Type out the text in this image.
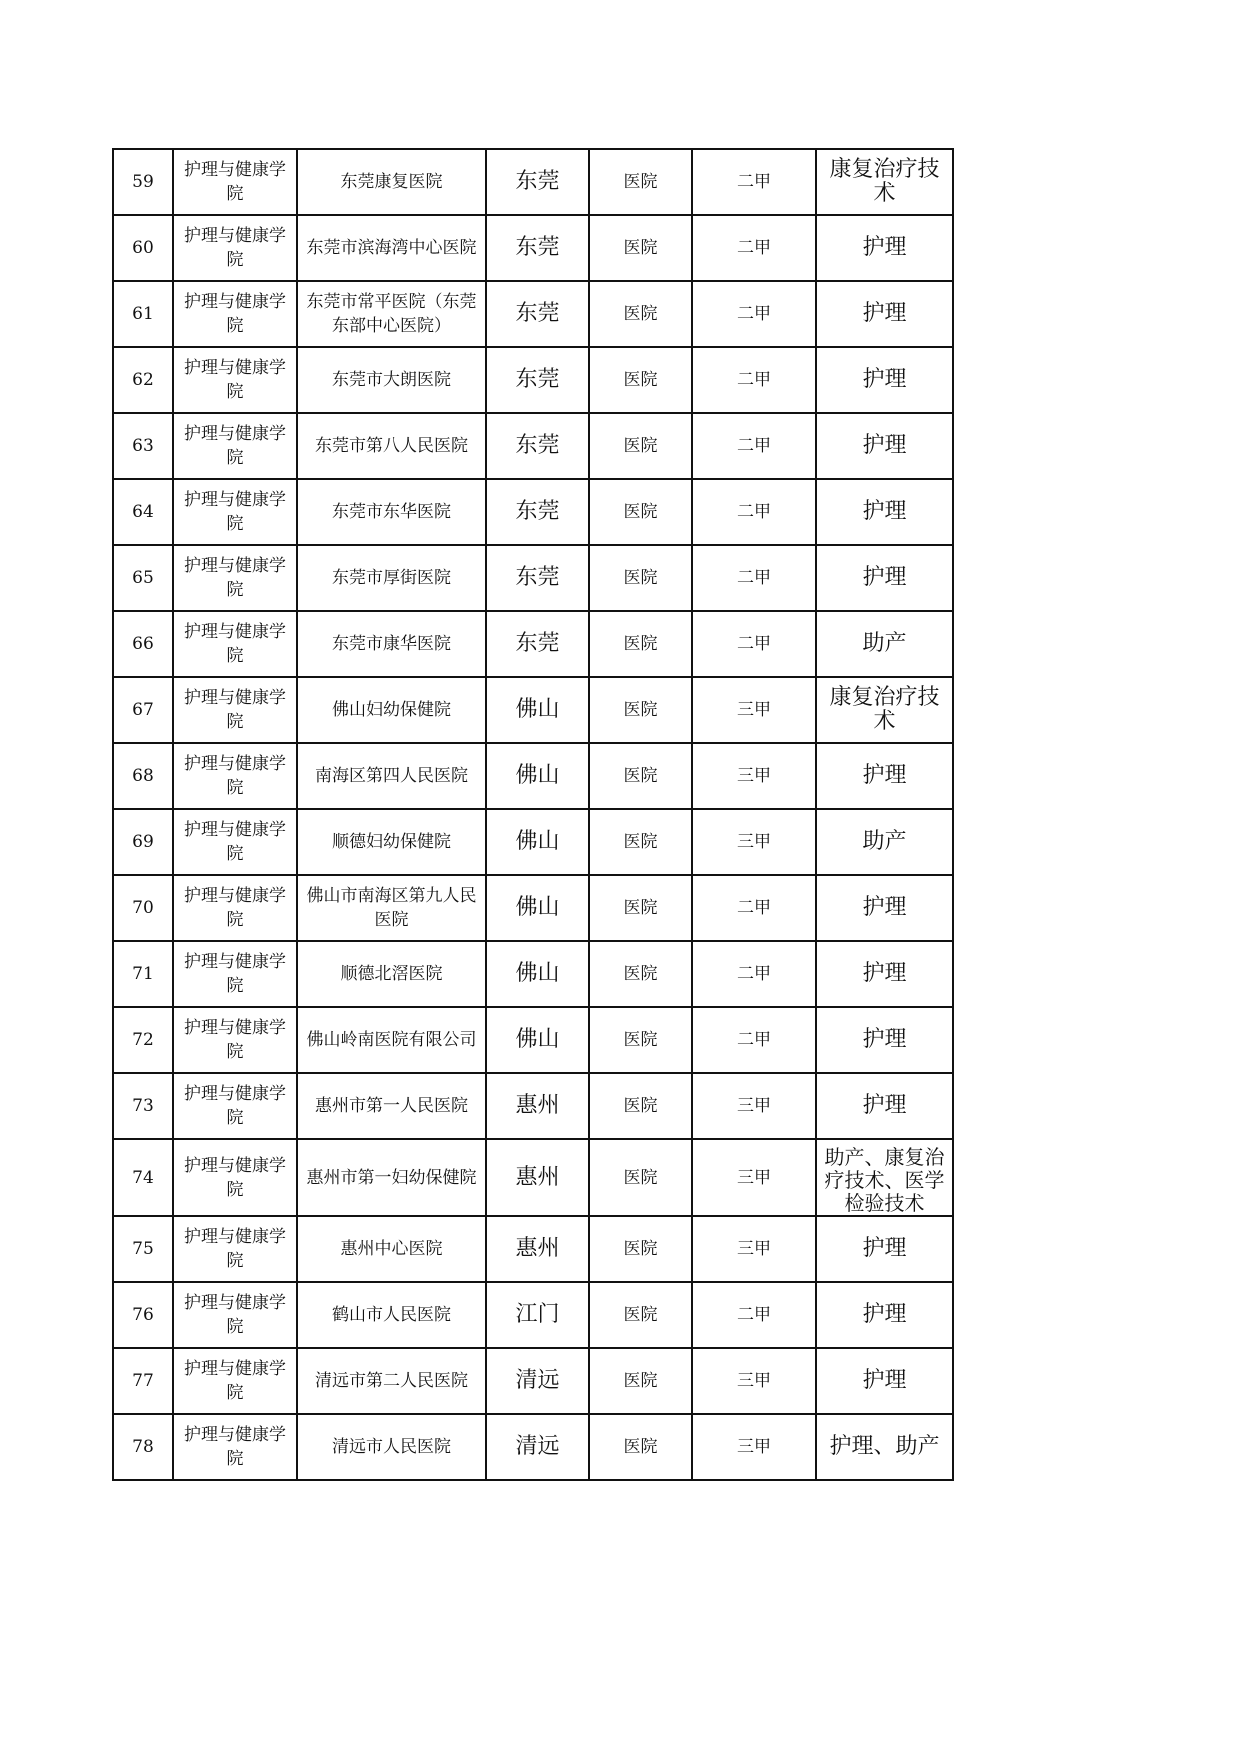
59	护理与健康学院	东莞康复医院	东莞	医院	二甲	康复治疗技术
60	护理与健康学院	东莞市滨海湾中心医院	东莞	医院	二甲	护理
61	护理与健康学院	东莞市常平医院（东莞东部中心医院）	东莞	医院	二甲	护理
62	护理与健康学院	东莞市大朗医院	东莞	医院	二甲	护理
63	护理与健康学院	东莞市第八人民医院	东莞	医院	二甲	护理
64	护理与健康学院	东莞市东华医院	东莞	医院	二甲	护理
65	护理与健康学院	东莞市厚街医院	东莞	医院	二甲	护理
66	护理与健康学院	东莞市康华医院	东莞	医院	二甲	助产
67	护理与健康学院	佛山妇幼保健院	佛山	医院	三甲	康复治疗技术
68	护理与健康学院	南海区第四人民医院	佛山	医院	三甲	护理
69	护理与健康学院	顺德妇幼保健院	佛山	医院	三甲	助产
70	护理与健康学院	佛山市南海区第九人民医院	佛山	医院	二甲	护理
71	护理与健康学院	顺德北滘医院	佛山	医院	二甲	护理
72	护理与健康学院	佛山岭南医院有限公司	佛山	医院	二甲	护理
73	护理与健康学院	惠州市第一人民医院	惠州	医院	三甲	护理
74	护理与健康学院	惠州市第一妇幼保健院	惠州	医院	三甲	助产、康复治疗技术、医学检验技术
75	护理与健康学院	惠州中心医院	惠州	医院	三甲	护理
76	护理与健康学院	鹤山市人民医院	江门	医院	二甲	护理
77	护理与健康学院	清远市第二人民医院	清远	医院	三甲	护理
78	护理与健康学院	清远市人民医院	清远	医院	三甲	护理、助产
